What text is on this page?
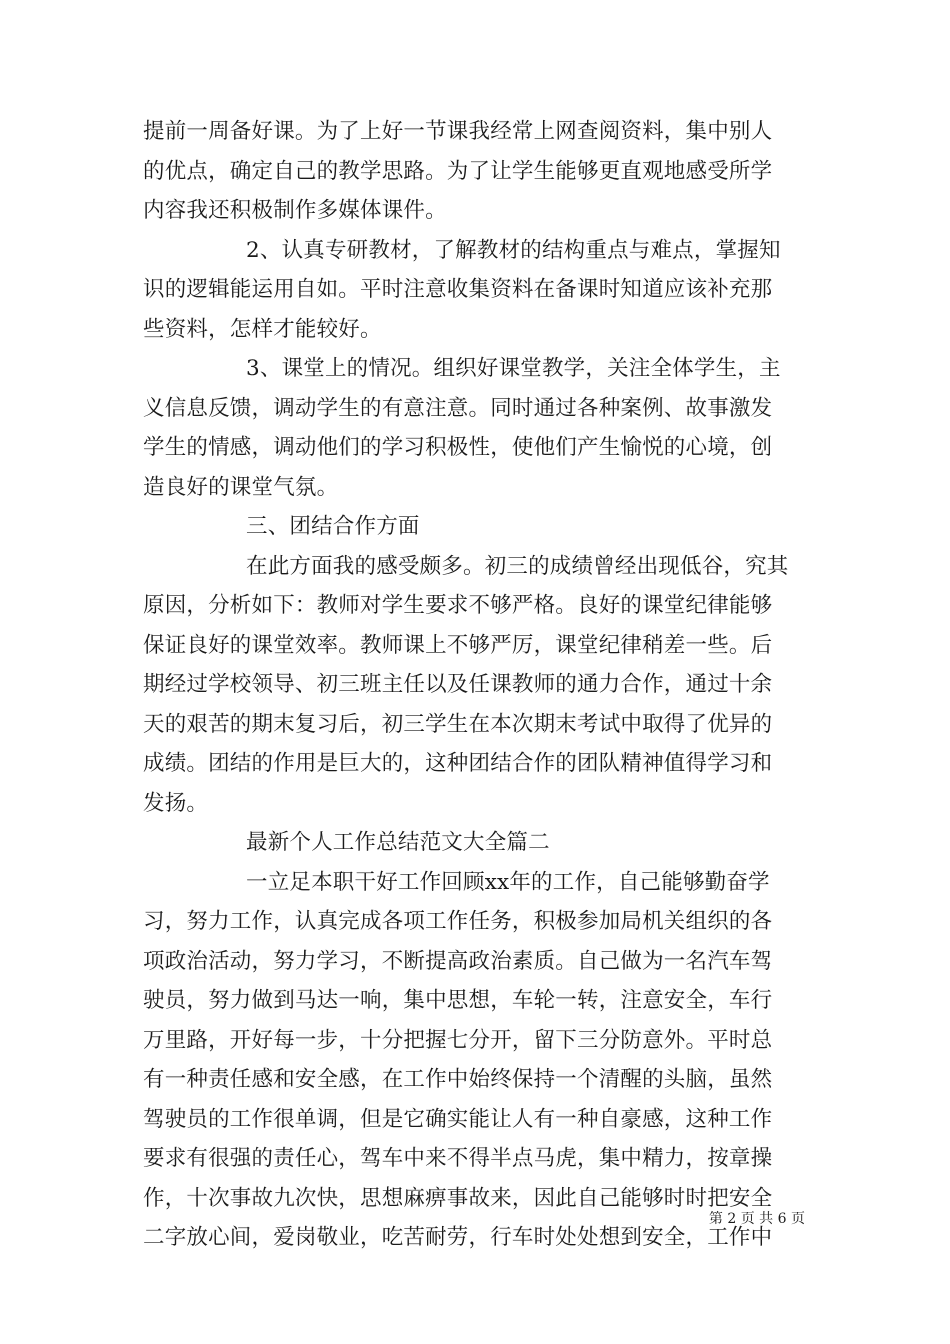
提前一周备好课。为了上好一节课我经常上网查阅资料，集中别人
的优点，确定自己的教学思路。为了让学生能够更直观地感受所学
内容我还积极制作多媒体课件。
2、认真专研教材，了解教材的结构重点与难点，掌握知
识的逻辑能运用自如。平时注意收集资料在备课时知道应该补充那
些资料，怎样才能较好。
3、课堂上的情况。组织好课堂教学，关注全体学生，主
义信息反馈，调动学生的有意注意。同时通过各种案例、故事激发
学生的情感，调动他们的学习积极性，使他们产生愉悦的心境，创
造良好的课堂气氛。
三、团结合作方面
在此方面我的感受颇多。初三的成绩曾经出现低谷，究其
原因，分析如下：教师对学生要求不够严格。良好的课堂纪律能够
保证良好的课堂效率。教师课上不够严厉，课堂纪律稍差一些。后
期经过学校领导、初三班主任以及任课教师的通力合作，通过十余
天的艰苦的期末复习后，初三学生在本次期末考试中取得了优异的
成绩。团结的作用是巨大的，这种团结合作的团队精神值得学习和
发扬。
最新个人工作总结范文大全篇二
一立足本职干好工作回顾xx年的工作，自己能够勤奋学
习，努力工作，认真完成各项工作任务，积极参加局机关组织的各
项政治活动，努力学习，不断提高政治素质。自己做为一名汽车驾
驶员，努力做到马达一响，集中思想，车轮一转，注意安全，车行
万里路，开好每一步，十分把握七分开，留下三分防意外。平时总
有一种责任感和安全感，在工作中始终保持一个清醒的头脑，虽然
驾驶员的工作很单调，但是它确实能让人有一种自豪感，这种工作
要求有很强的责任心，驾车中来不得半点马虎，集中精力，按章操
作，十次事故九次快，思想麻痹事故来，因此自己能够时时把安全
二字放心间，爱岗敬业，吃苦耐劳，行车时处处想到安全，工作中
第 2 页 共 6 页
